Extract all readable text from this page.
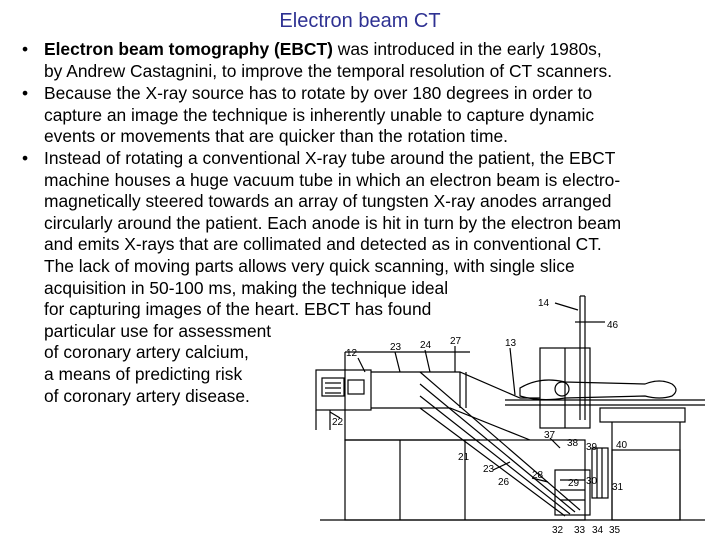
Electron beam CT
• Electron beam tomography (EBCT) was introduced in the early 1980s,
by Andrew Castagnini, to improve the temporal resolution of CT scanners.
• Because the X-ray source has to rotate by over 180 degrees in order to
capture an image the technique is inherently unable to capture dynamic
events or movements that are quicker than the rotation time.
• Instead of rotating a conventional X-ray tube around the patient, the EBCT
machine houses a huge vacuum tube in which an electron beam is electro-
magnetically steered towards an array of tungsten X-ray anodes arranged
circularly around the patient. Each anode is hit in turn by the electron beam
and emits X-rays that are collimated and detected as in conventional CT.
The lack of moving parts allows very quick scanning, with single slice
acquisition in 50-100 ms, making the technique ideal
for capturing images of the heart. EBCT has found
particular use for assessment
of coronary artery calcium,
a means of predicting risk
of coronary artery disease.
14
46
12
23 24 27	13
22
37
38 39 40
21
23
28
26	29 30
31
32 33 34 35
